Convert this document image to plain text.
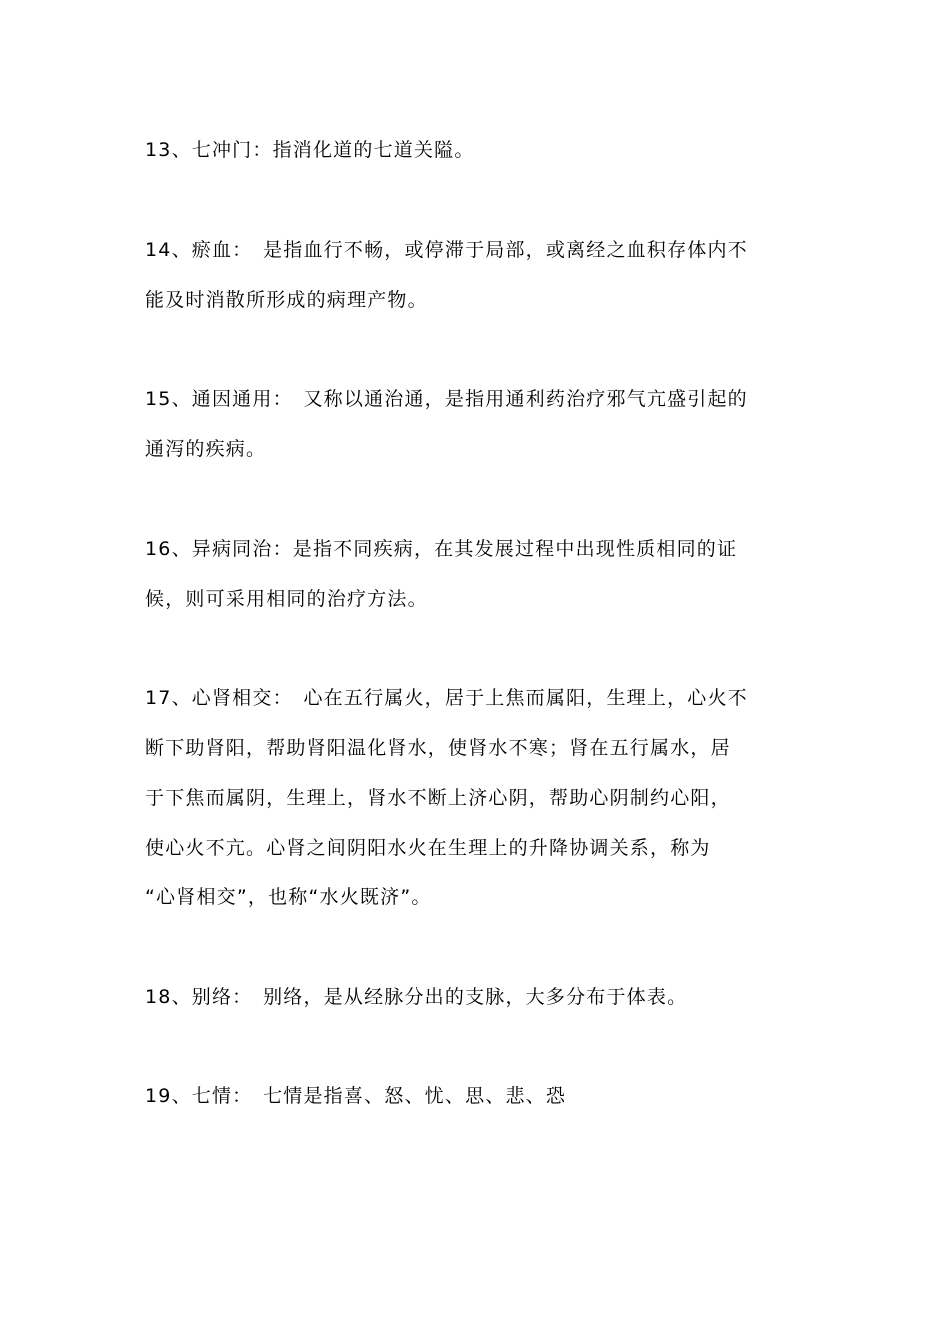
13、七冲门：指消化道的七道关隘。
14、瘀血：　是指血行不畅，或停滞于局部，或离经之血积存体内不
能及时消散所形成的病理产物。
15、通因通用：　又称以通治通，是指用通利药治疗邪气亢盛引起的
通泻的疾病。
16、异病同治：是指不同疾病，在其发展过程中出现性质相同的证
候，则可采用相同的治疗方法。
17、心肾相交：　心在五行属火，居于上焦而属阳，生理上，心火不
断下助肾阳，帮助肾阳温化肾水，使肾水不寒；肾在五行属水，居
于下焦而属阴，生理上，肾水不断上济心阴，帮助心阴制约心阳，
使心火不亢。心肾之间阴阳水火在生理上的升降协调关系，称为
“心肾相交”，也称“水火既济”。
18、别络：　别络，是从经脉分出的支脉，大多分布于体表。
19、七情：　七情是指喜、怒、忧、思、悲、恐
